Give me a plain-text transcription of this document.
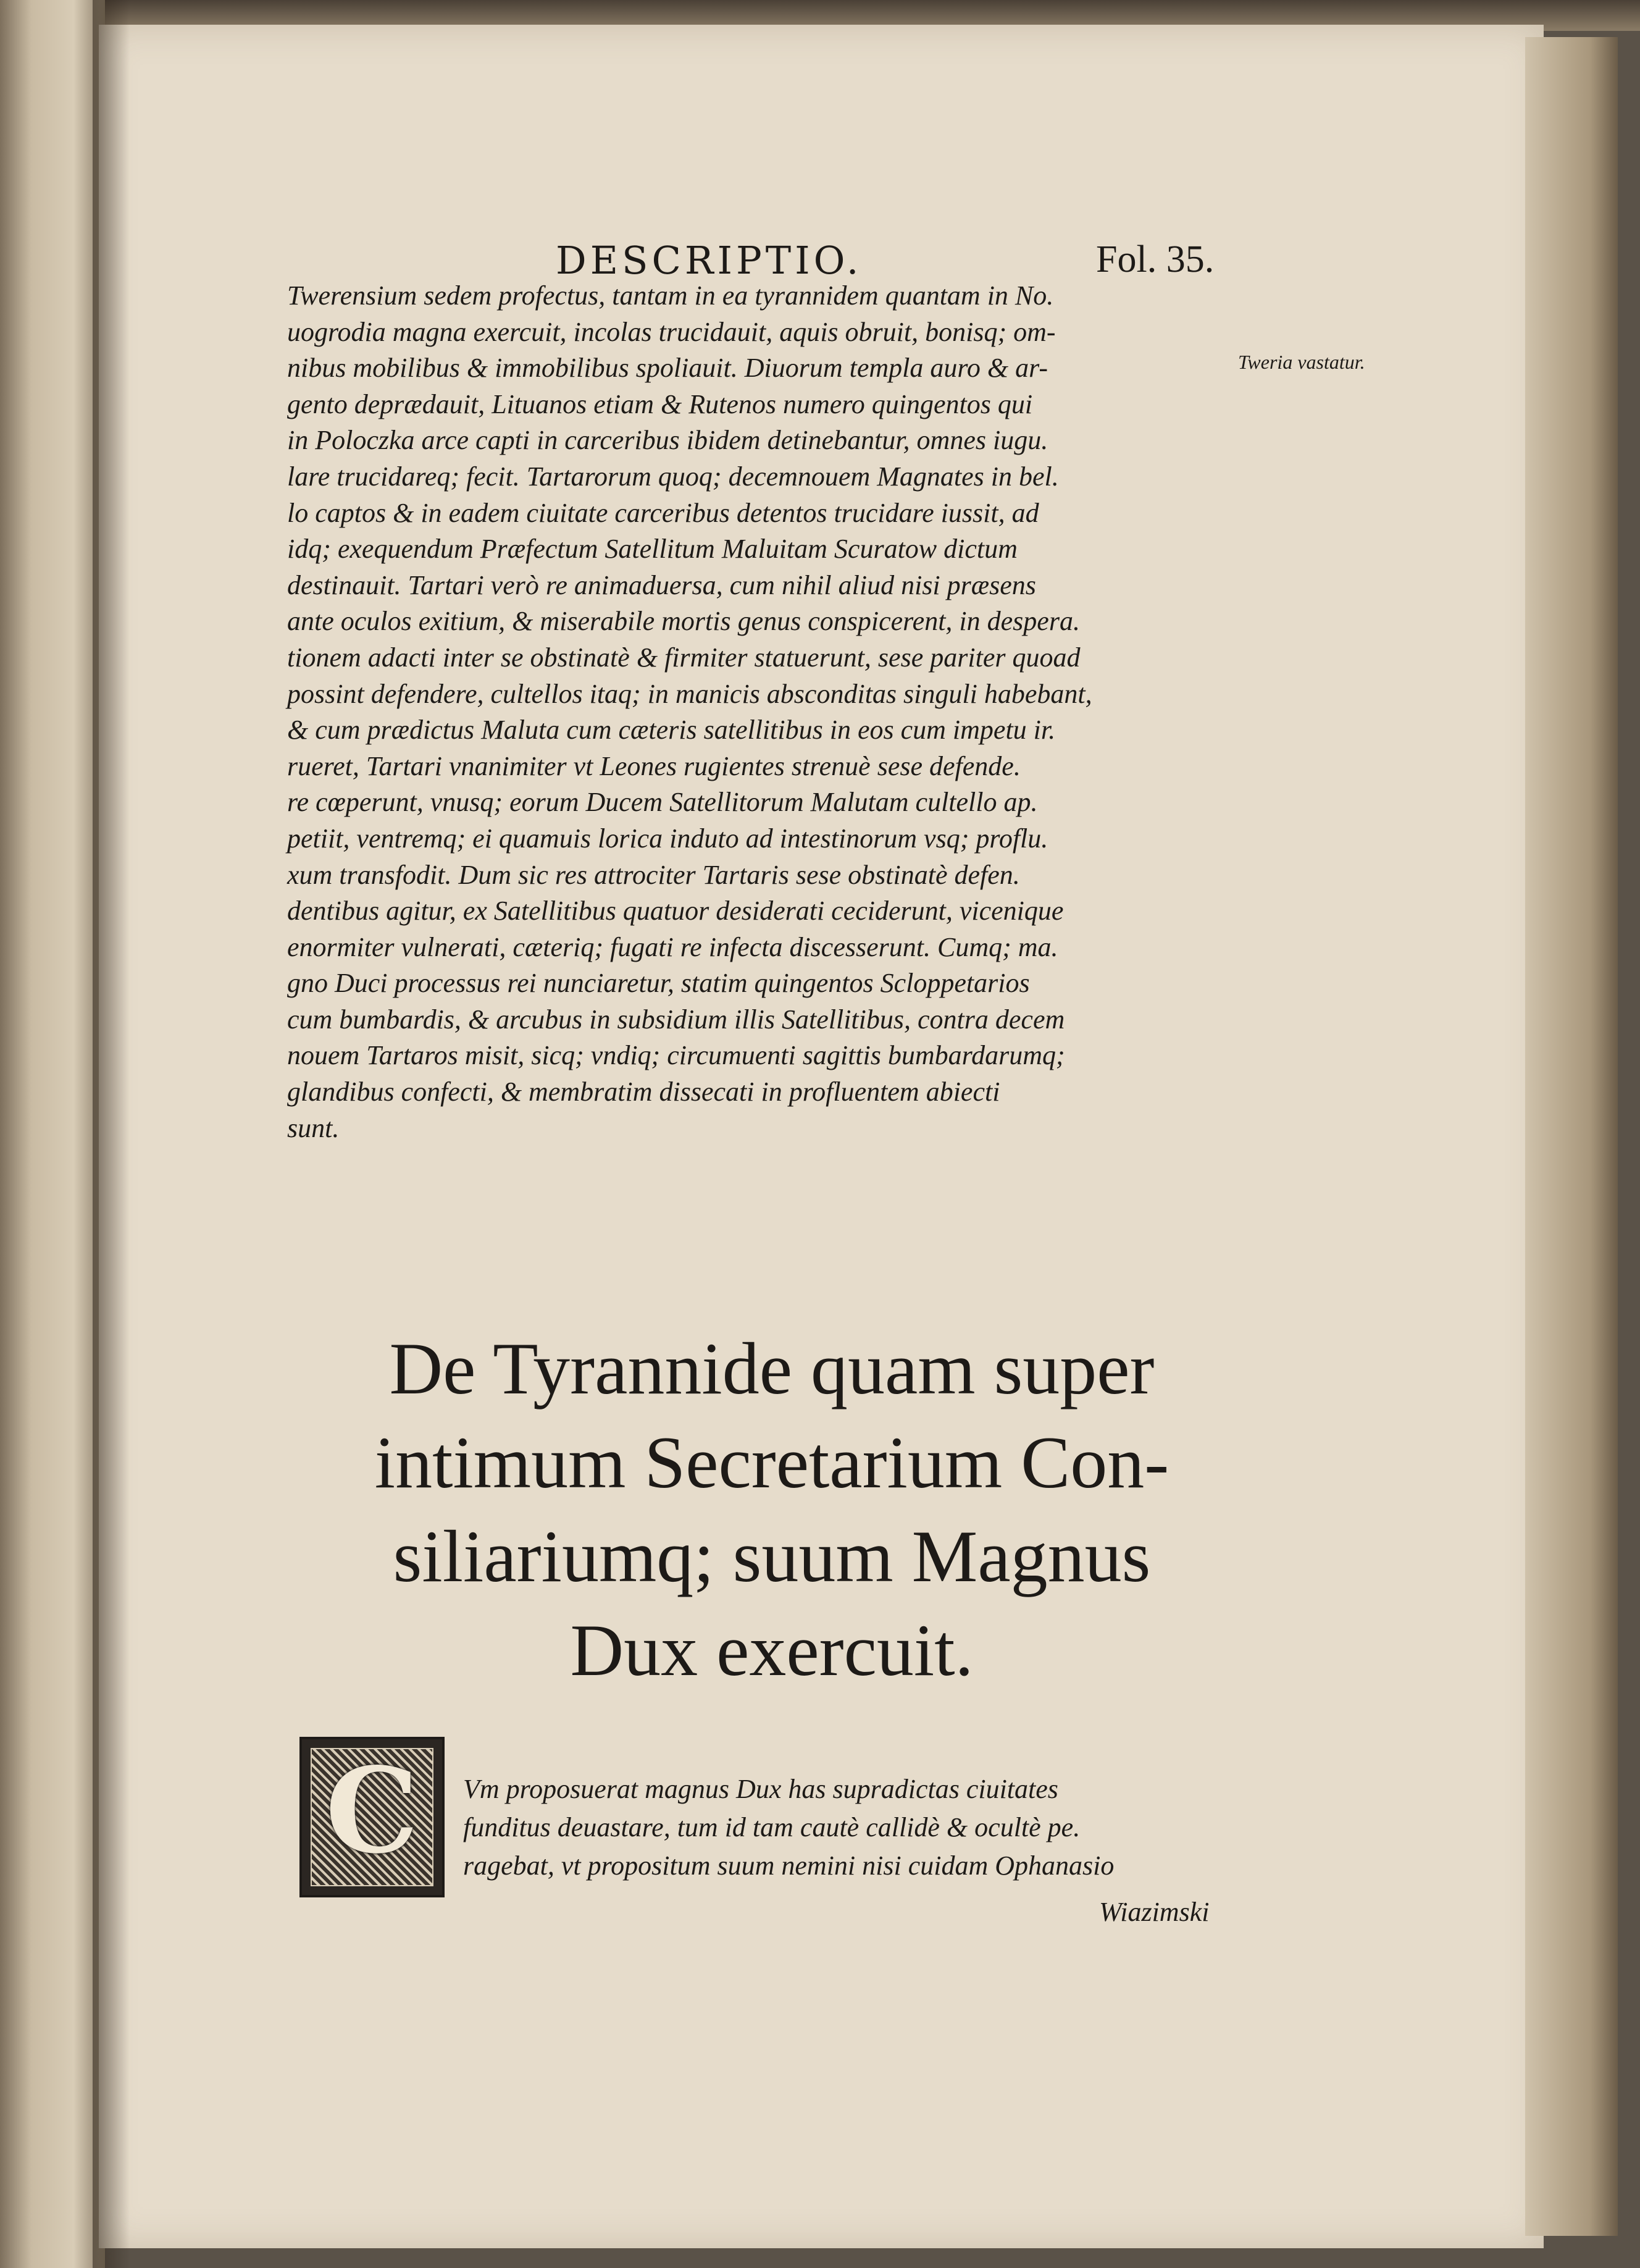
DESCRIPTIO.	Fol. 35.
Twerensium sedem profectus, tantam in ea tyrannidem quantam in No.
uogrodia magna exercuit, incolas trucidauit, aquis obruit, bonisq; om-
nibus mobilibus & immobilibus spoliauit. Diuorum templa auro & ar-
gento deprædauit, Lituanos etiam & Rutenos numero quingentos qui
in Poloczka arce capti in carceribus ibidem detinebantur, omnes iugu.
lare trucidareq; fecit. Tartarorum quoq; decemnouem Magnates in bel.
lo captos & in eadem ciuitate carceribus detentos trucidare iussit, ad
idq; exequendum Præfectum Satellitum Maluitam Scuratow dictum
destinauit. Tartari verò re animaduersa, cum nihil aliud nisi præsens
ante oculos exitium, & miserabile mortis genus conspicerent, in despera.
tionem adacti inter se obstinatè & firmiter statuerunt, sese pariter quoad
possint defendere, cultellos itaq; in manicis absconditas singuli habebant,
& cum prædictus Maluta cum cæteris satellitibus in eos cum impetu ir.
rueret, Tartari vnanimiter vt Leones rugientes strenuè sese defende.
re cœperunt, vnusq; eorum Ducem Satellitorum Malutam cultello ap.
petiit, ventremq; ei quamuis lorica induto ad intestinorum vsq; proflu.
xum transfodit. Dum sic res attrociter Tartaris sese obstinatè defen.
dentibus agitur, ex Satellitibus quatuor desiderati ceciderunt, vicenique
enormiter vulnerati, cæteriq; fugati re infecta discesserunt. Cumq; ma.
gno Duci processus rei nunciaretur, statim quingentos Scloppetarios
cum bumbardis, & arcubus in subsidium illis Satellitibus, contra decem
nouem Tartaros misit, sicq; vndiq; circumuenti sagittis bumbardarumq;
glandibus confecti, & membratim dissecati in profluentem abiecti
sunt.
Tweria vastatur.
De Tyrannide quam super
intimum Secretarium Con-
siliariumq; suum Magnus
Dux exercuit.
C	Vm proposuerat magnus Dux has supradictas ciuitates
funditus deuastare, tum id tam cautè callidè & ocultè pe.
ragebat, vt propositum suum nemini nisi cuidam Ophanasio
Wiazimski
